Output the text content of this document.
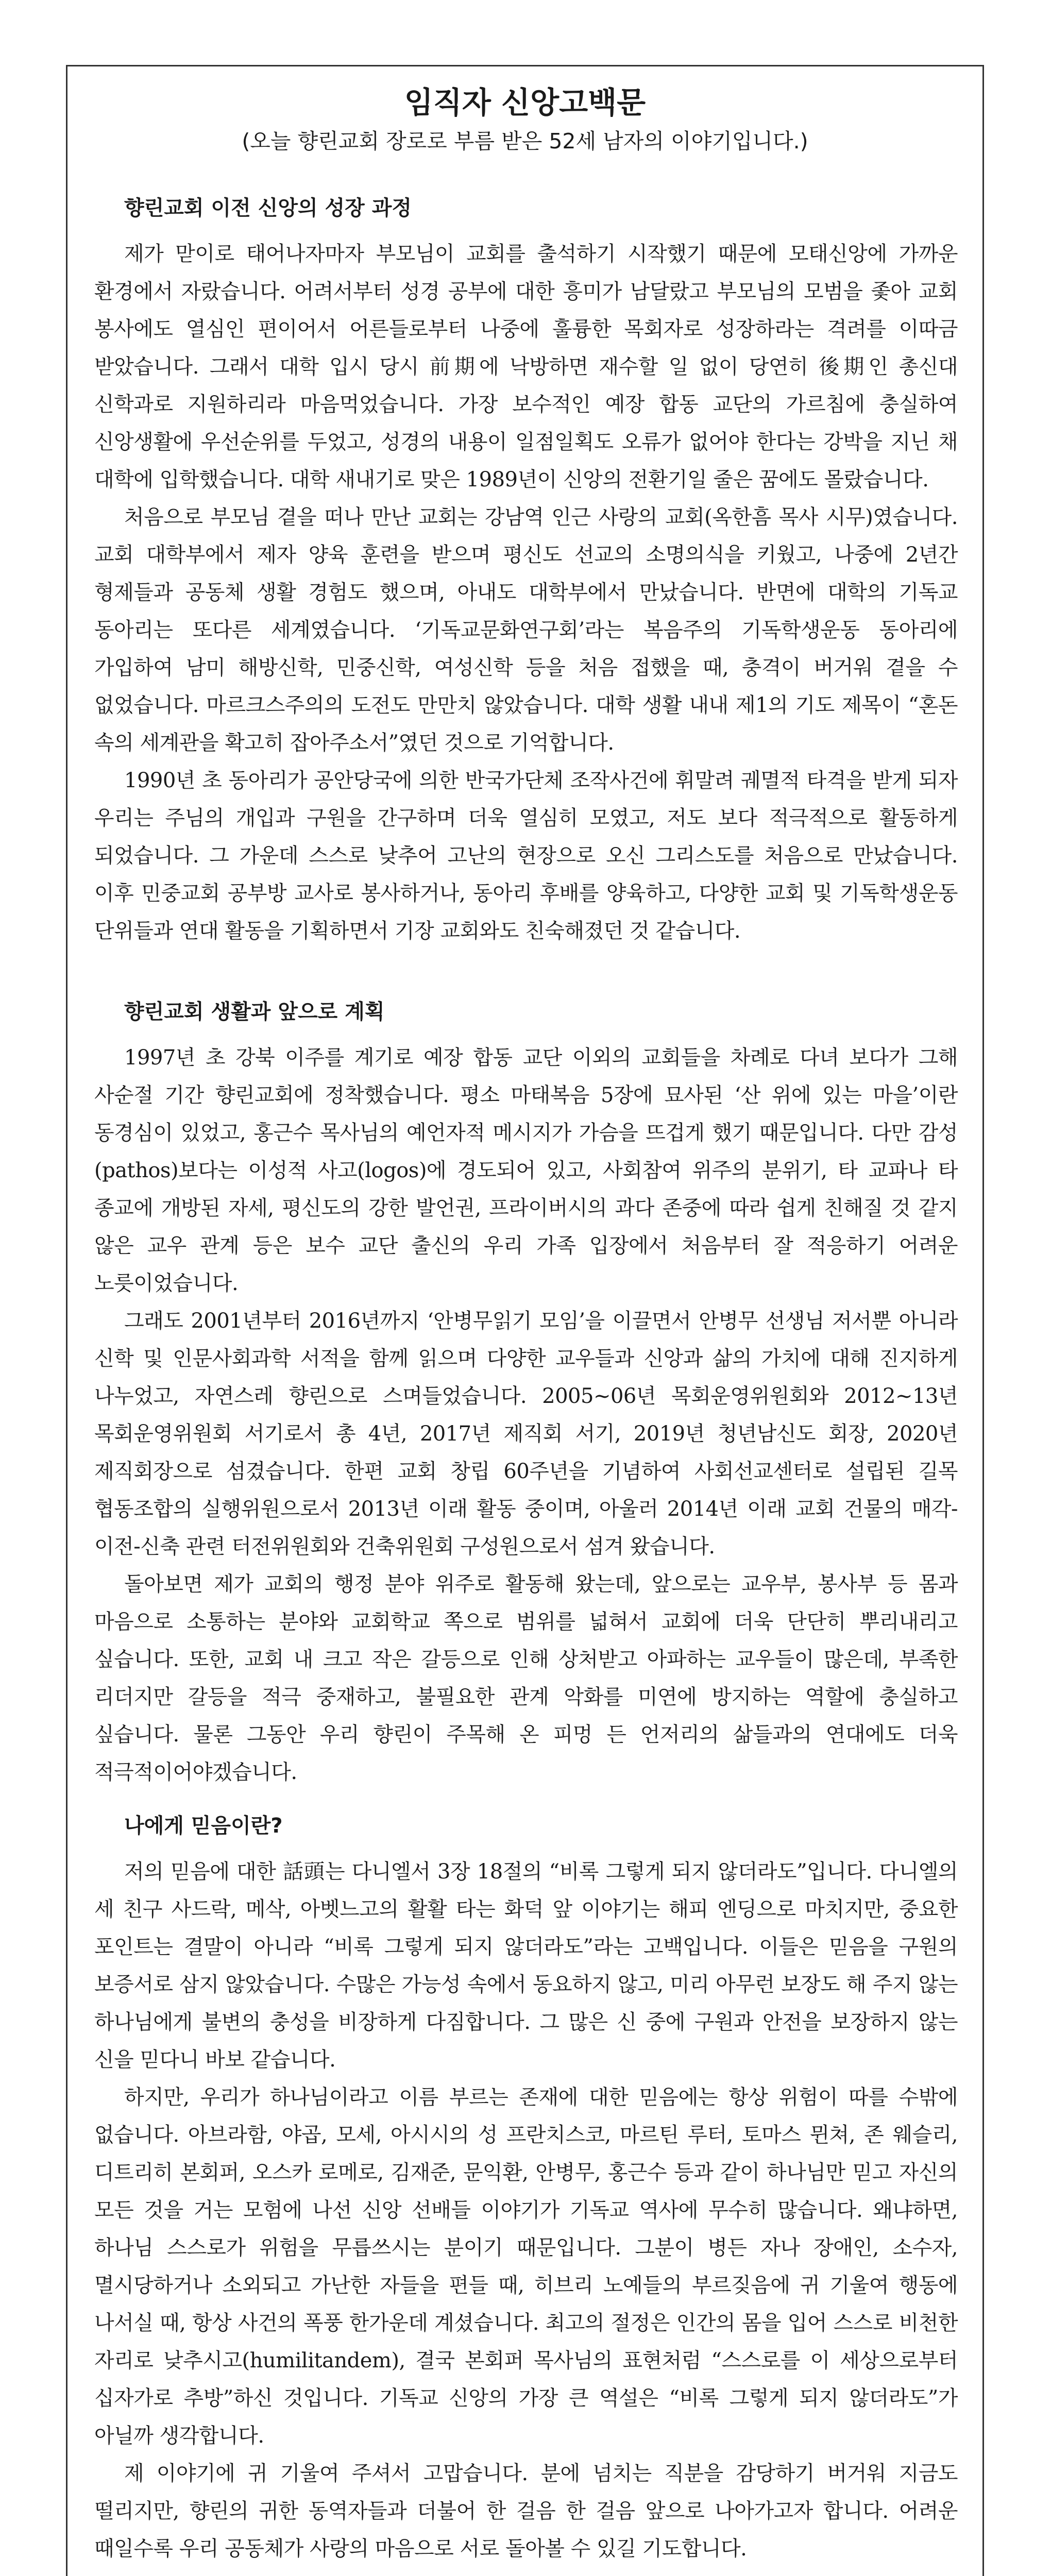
임직자 신앙고백문

(오늘 향린교회 장로로 부름 받은 52세 남자의 이야기입니다.)

향린교회 이전 신앙의 성장 과정

제가 맏이로 태어나자마자 부모님이 교회를 출석하기 시작했기 때문에 모태신앙에 가까운 환경에서 자랐습니다. 어려서부터 성경 공부에 대한 흥미가 남달랐고 부모님의 모범을 좇아 교회 봉사에도 열심인 편이어서 어른들로부터 나중에 훌륭한 목회자로 성장하라는 격려를 이따금 받았습니다. 그래서 대학 입시 당시 前期에 낙방하면 재수할 일 없이 당연히 後期인 총신대 신학과로 지원하리라 마음먹었습니다. 가장 보수적인 예장 합동 교단의 가르침에 충실하여 신앙생활에 우선순위를 두었고, 성경의 내용이 일점일획도 오류가 없어야 한다는 강박을 지닌 채 대학에 입학했습니다. 대학 새내기로 맞은 1989년이 신앙의 전환기일 줄은 꿈에도 몰랐습니다.

처음으로 부모님 곁을 떠나 만난 교회는 강남역 인근 사랑의 교회(옥한흠 목사 시무)였습니다. 교회 대학부에서 제자 양육 훈련을 받으며 평신도 선교의 소명의식을 키웠고, 나중에 2년간 형제들과 공동체 생활 경험도 했으며, 아내도 대학부에서 만났습니다. 반면에 대학의 기독교 동아리는 또다른 세계였습니다. ‘기독교문화연구회’라는 복음주의 기독학생운동 동아리에 가입하여 남미 해방신학, 민중신학, 여성신학 등을 처음 접했을 때, 충격이 버거워 곁을 수 없었습니다. 마르크스주의의 도전도 만만치 않았습니다. 대학 생활 내내 제1의 기도 제목이 “혼돈 속의 세계관을 확고히 잡아주소서”였던 것으로 기억합니다.

1990년 초 동아리가 공안당국에 의한 반국가단체 조작사건에 휘말려 궤멸적 타격을 받게 되자 우리는 주님의 개입과 구원을 간구하며 더욱 열심히 모였고, 저도 보다 적극적으로 활동하게 되었습니다. 그 가운데 스스로 낮추어 고난의 현장으로 오신 그리스도를 처음으로 만났습니다. 이후 민중교회 공부방 교사로 봉사하거나, 동아리 후배를 양육하고, 다양한 교회 및 기독학생운동 단위들과 연대 활동을 기획하면서 기장 교회와도 친숙해졌던 것 같습니다.

향린교회 생활과 앞으로 계획

1997년 초 강북 이주를 계기로 예장 합동 교단 이외의 교회들을 차례로 다녀 보다가 그해 사순절 기간 향린교회에 정착했습니다. 평소 마태복음 5장에 묘사된 ‘산 위에 있는 마을’이란 동경심이 있었고, 홍근수 목사님의 예언자적 메시지가 가슴을 뜨겁게 했기 때문입니다. 다만 감성(pathos)보다는 이성적 사고(logos)에 경도되어 있고, 사회참여 위주의 분위기, 타 교파나 타 종교에 개방된 자세, 평신도의 강한 발언권, 프라이버시의 과다 존중에 따라 쉽게 친해질 것 같지 않은 교우 관계 등은 보수 교단 출신의 우리 가족 입장에서 처음부터 잘 적응하기 어려운 노릇이었습니다.

그래도 2001년부터 2016년까지 ‘안병무읽기 모임’을 이끌면서 안병무 선생님 저서뿐 아니라 신학 및 인문사회과학 서적을 함께 읽으며 다양한 교우들과 신앙과 삶의 가치에 대해 진지하게 나누었고, 자연스레 향린으로 스며들었습니다. 2005~06년 목회운영위원회와 2012~13년 목회운영위원회 서기로서 총 4년, 2017년 제직회 서기, 2019년 청년남신도 회장, 2020년 제직회장으로 섬겼습니다. 한편 교회 창립 60주년을 기념하여 사회선교센터로 설립된 길목 협동조합의 실행위원으로서 2013년 이래 활동 중이며, 아울러 2014년 이래 교회 건물의 매각-이전-신축 관련 터전위원회와 건축위원회 구성원으로서 섬겨 왔습니다.

돌아보면 제가 교회의 행정 분야 위주로 활동해 왔는데, 앞으로는 교우부, 봉사부 등 몸과 마음으로 소통하는 분야와 교회학교 쪽으로 범위를 넓혀서 교회에 더욱 단단히 뿌리내리고 싶습니다. 또한, 교회 내 크고 작은 갈등으로 인해 상처받고 아파하는 교우들이 많은데, 부족한 리더지만 갈등을 적극 중재하고, 불필요한 관계 악화를 미연에 방지하는 역할에 충실하고 싶습니다. 물론 그동안 우리 향린이 주목해 온 피멍 든 언저리의 삶들과의 연대에도 더욱 적극적이어야겠습니다.

나에게 믿음이란?

저의 믿음에 대한 話頭는 다니엘서 3장 18절의 “비록 그렇게 되지 않더라도”입니다. 다니엘의 세 친구 사드락, 메삭, 아벳느고의 활활 타는 화덕 앞 이야기는 해피 엔딩으로 마치지만, 중요한 포인트는 결말이 아니라 “비록 그렇게 되지 않더라도”라는 고백입니다. 이들은 믿음을 구원의 보증서로 삼지 않았습니다. 수많은 가능성 속에서 동요하지 않고, 미리 아무런 보장도 해 주지 않는 하나님에게 불변의 충성을 비장하게 다짐합니다. 그 많은 신 중에 구원과 안전을 보장하지 않는 신을 믿다니 바보 같습니다.

하지만, 우리가 하나님이라고 이름 부르는 존재에 대한 믿음에는 항상 위험이 따를 수밖에 없습니다. 아브라함, 야곱, 모세, 아시시의 성 프란치스코, 마르틴 루터, 토마스 뮌쳐, 존 웨슬리, 디트리히 본회퍼, 오스카 로메로, 김재준, 문익환, 안병무, 홍근수 등과 같이 하나님만 믿고 자신의 모든 것을 거는 모험에 나선 신앙 선배들 이야기가 기독교 역사에 무수히 많습니다. 왜냐하면, 하나님 스스로가 위험을 무릅쓰시는 분이기 때문입니다. 그분이 병든 자나 장애인, 소수자, 멸시당하거나 소외되고 가난한 자들을 편들 때, 히브리 노예들의 부르짖음에 귀 기울여 행동에 나서실 때, 항상 사건의 폭풍 한가운데 계셨습니다. 최고의 절정은 인간의 몸을 입어 스스로 비천한 자리로 낮추시고(humilitandem), 결국 본회퍼 목사님의 표현처럼 “스스로를 이 세상으로부터 십자가로 추방”하신 것입니다. 기독교 신앙의 가장 큰 역설은 “비록 그렇게 되지 않더라도”가 아닐까 생각합니다.

제 이야기에 귀 기울여 주셔서 고맙습니다. 분에 넘치는 직분을 감당하기 버거워 지금도 떨리지만, 향린의 귀한 동역자들과 더불어 한 걸음 한 걸음 앞으로 나아가고자 합니다. 어려운 때일수록 우리 공동체가 사랑의 마음으로 서로 돌아볼 수 있길 기도합니다.
